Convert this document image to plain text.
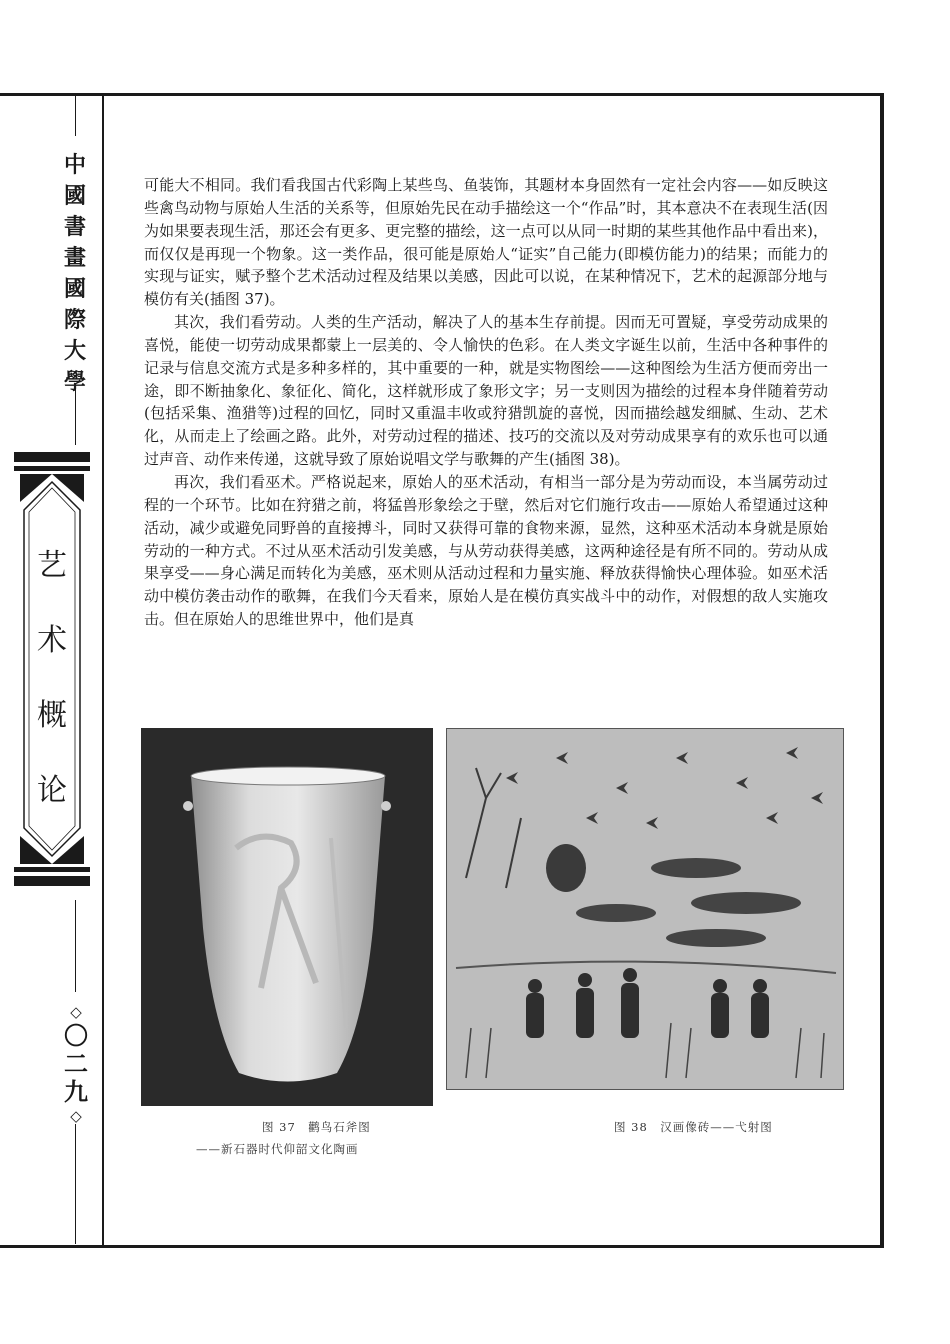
中
國
書
畫
國
際
大
學
艺
术
概
论
◇
〇
二
九
◇

可能大不相同。我们看我国古代彩陶上某些鸟、鱼装饰，其题材本身固然有一定社会内容——如反映这些禽鸟动物与原始人生活的关系等，但原始先民在动手描绘这一个“作品”时，其本意决不在表现生活(因为如果要表现生活，那还会有更多、更完整的描绘，这一点可以从同一时期的某些其他作品中看出来)，而仅仅是再现一个物象。这一类作品，很可能是原始人“证实”自己能力(即模仿能力)的结果；而能力的实现与证实，赋予整个艺术活动过程及结果以美感，因此可以说，在某种情况下，艺术的起源部分地与模仿有关(插图 37)。

其次，我们看劳动。人类的生产活动，解决了人的基本生存前提。因而无可置疑，享受劳动成果的喜悦，能使一切劳动成果都蒙上一层美的、令人愉快的色彩。在人类文字诞生以前，生活中各种事件的记录与信息交流方式是多种多样的，其中重要的一种，就是实物图绘——这种图绘为生活方便而旁出一途，即不断抽象化、象征化、简化，这样就形成了象形文字；另一支则因为描绘的过程本身伴随着劳动(包括采集、渔猎等)过程的回忆，同时又重温丰收或狩猎凯旋的喜悦，因而描绘越发细腻、生动、艺术化，从而走上了绘画之路。此外，对劳动过程的描述、技巧的交流以及对劳动成果享有的欢乐也可以通过声音、动作来传递，这就导致了原始说唱文学与歌舞的产生(插图 38)。

再次，我们看巫术。严格说起来，原始人的巫术活动，有相当一部分是为劳动而设，本当属劳动过程的一个环节。比如在狩猎之前，将猛兽形象绘之于壁，然后对它们施行攻击——原始人希望通过这种活动，减少或避免同野兽的直接搏斗，同时又获得可靠的食物来源，显然，这种巫术活动本身就是原始劳动的一种方式。不过从巫术活动引发美感，与从劳动获得美感，这两种途径是有所不同的。劳动从成果享受——身心满足而转化为美感，巫术则从活动过程和力量实施、释放获得愉快心理体验。如巫术活动中模仿袭击动作的歌舞，在我们今天看来，原始人是在模仿真实战斗中的动作，对假想的敌人实施攻击。但在原始人的思维世界中，他们是真

图 37　鹳鸟石斧图
——新石器时代仰韶文化陶画
图 38　汉画像砖——弋射图
